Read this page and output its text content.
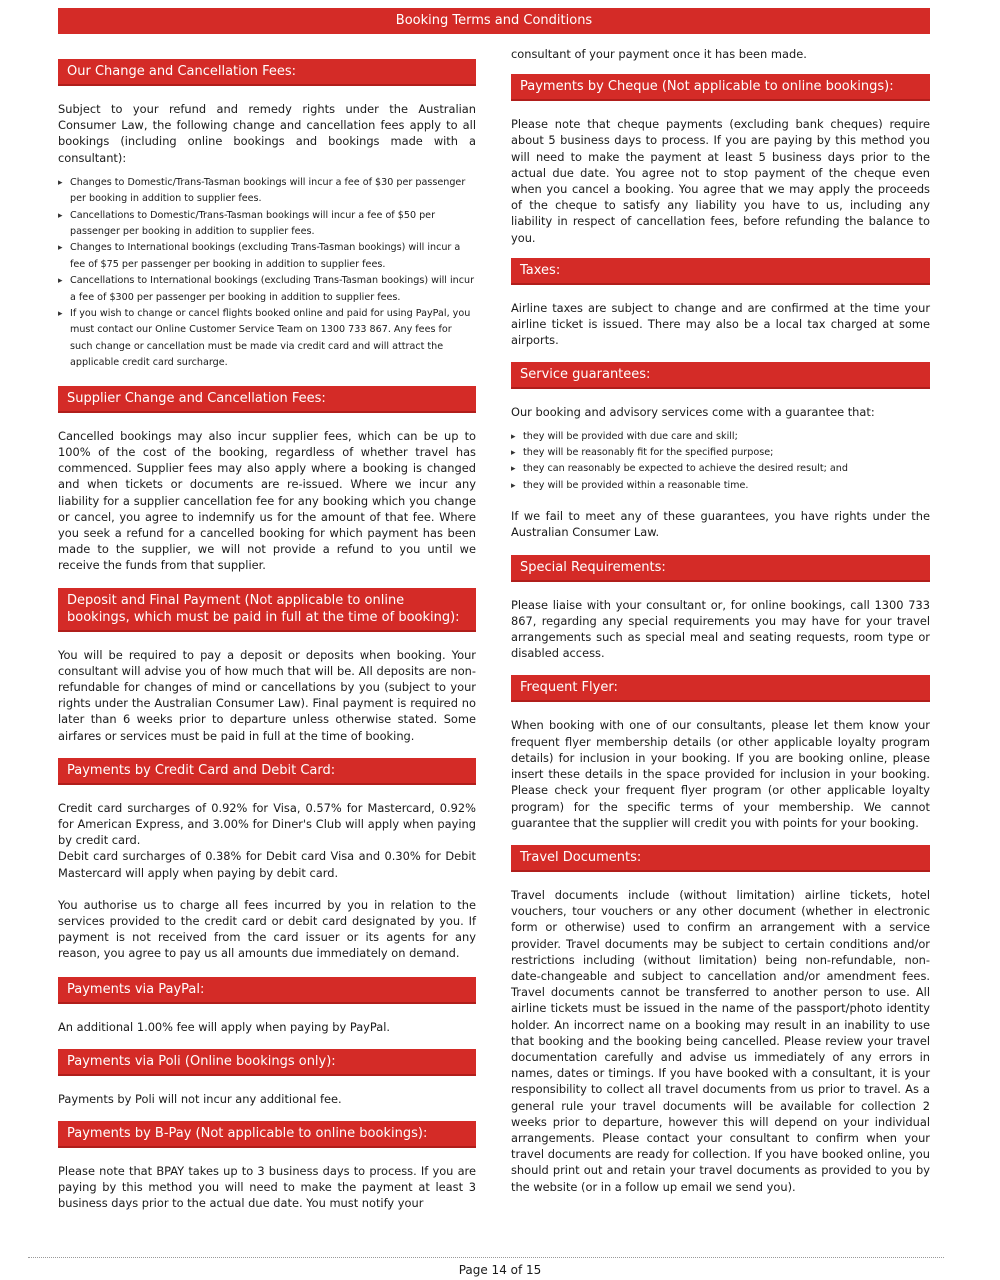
Booking Terms and Conditions
Our Change and Cancellation Fees:

Subject to your refund and remedy rights under the Australian Consumer Law, the following change and cancellation fees apply to all bookings (including online bookings and bookings made with a consultant):

▸ Changes to Domestic/Trans-Tasman bookings will incur a fee of $30 per passenger per booking in addition to supplier fees.
▸ Cancellations to Domestic/Trans-Tasman bookings will incur a fee of $50 per passenger per booking in addition to supplier fees.
▸ Changes to International bookings (excluding Trans-Tasman bookings) will incur a fee of $75 per passenger per booking in addition to supplier fees.
▸ Cancellations to International bookings (excluding Trans-Tasman bookings) will incur a fee of $300 per passenger per booking in addition to supplier fees.
▸ If you wish to change or cancel flights booked online and paid for using PayPal, you must contact our Online Customer Service Team on 1300 733 867. Any fees for such change or cancellation must be made via credit card and will attract the applicable credit card surcharge.
Supplier Change and Cancellation Fees:

Cancelled bookings may also incur supplier fees, which can be up to 100% of the cost of the booking, regardless of whether travel has commenced. Supplier fees may also apply where a booking is changed and when tickets or documents are re-issued. Where we incur any liability for a supplier cancellation fee for any booking which you change or cancel, you agree to indemnify us for the amount of that fee. Where you seek a refund for a cancelled booking for which payment has been made to the supplier, we will not provide a refund to you until we receive the funds from that supplier.

Deposit and Final Payment (Not applicable to online bookings, which must be paid in full at the time of booking):

You will be required to pay a deposit or deposits when booking. Your consultant will advise you of how much that will be. All deposits are non-refundable for changes of mind or cancellations by you (subject to your rights under the Australian Consumer Law). Final payment is required no later than 6 weeks prior to departure unless otherwise stated. Some airfares or services must be paid in full at the time of booking.

Payments by Credit Card and Debit Card:

Credit card surcharges of 0.92% for Visa, 0.57% for Mastercard, 0.92% for American Express, and 3.00% for Diner's Club will apply when paying by credit card.

Debit card surcharges of 0.38% for Debit card Visa and 0.30% for Debit Mastercard will apply when paying by debit card.

You authorise us to charge all fees incurred by you in relation to the services provided to the credit card or debit card designated by you. If payment is not received from the card issuer or its agents for any reason, you agree to pay us all amounts due immediately on demand.

Payments via PayPal:

An additional 1.00% fee will apply when paying by PayPal.

Payments via Poli (Online bookings only):

Payments by Poli will not incur any additional fee.

Payments by B-Pay (Not applicable to online bookings):

Please note that BPAY takes up to 3 business days to process. If you are paying by this method you will need to make the payment at least 3 business days prior to the actual due date. You must notify your

consultant of your payment once it has been made.

Payments by Cheque (Not applicable to online bookings):

Please note that cheque payments (excluding bank cheques) require about 5 business days to process. If you are paying by this method you will need to make the payment at least 5 business days prior to the actual due date. You agree not to stop payment of the cheque even when you cancel a booking. You agree that we may apply the proceeds of the cheque to satisfy any liability you have to us, including any liability in respect of cancellation fees, before refunding the balance to you.

Taxes:

Airline taxes are subject to change and are confirmed at the time your airline ticket is issued. There may also be a local tax charged at some airports.

Service guarantees:

Our booking and advisory services come with a guarantee that:

▸ they will be provided with due care and skill;
▸ they will be reasonably fit for the specified purpose;
▸ they can reasonably be expected to achieve the desired result; and
▸ they will be provided within a reasonable time.

If we fail to meet any of these guarantees, you have rights under the Australian Consumer Law.

Special Requirements:

Please liaise with your consultant or, for online bookings, call 1300 733 867, regarding any special requirements you may have for your travel arrangements such as special meal and seating requests, room type or disabled access.

Frequent Flyer:

When booking with one of our consultants, please let them know your frequent flyer membership details (or other applicable loyalty program details) for inclusion in your booking. If you are booking online, please insert these details in the space provided for inclusion in your booking. Please check your frequent flyer program (or other applicable loyalty program) for the specific terms of your membership. We cannot guarantee that the supplier will credit you with points for your booking.

Travel Documents:

Travel documents include (without limitation) airline tickets, hotel vouchers, tour vouchers or any other document (whether in electronic form or otherwise) used to confirm an arrangement with a service provider. Travel documents may be subject to certain conditions and/or restrictions including (without limitation) being non-refundable, non-date-changeable and subject to cancellation and/or amendment fees. Travel documents cannot be transferred to another person to use. All airline tickets must be issued in the name of the passport/photo identity holder. An incorrect name on a booking may result in an inability to use that booking and the booking being cancelled. Please review your travel documentation carefully and advise us immediately of any errors in names, dates or timings. If you have booked with a consultant, it is your responsibility to collect all travel documents from us prior to travel. As a general rule your travel documents will be available for collection 2 weeks prior to departure, however this will depend on your individual arrangements. Please contact your consultant to confirm when your travel documents are ready for collection. If you have booked online, you should print out and retain your travel documents as provided to you by the website (or in a follow up email we send you).

Page 14 of 15
